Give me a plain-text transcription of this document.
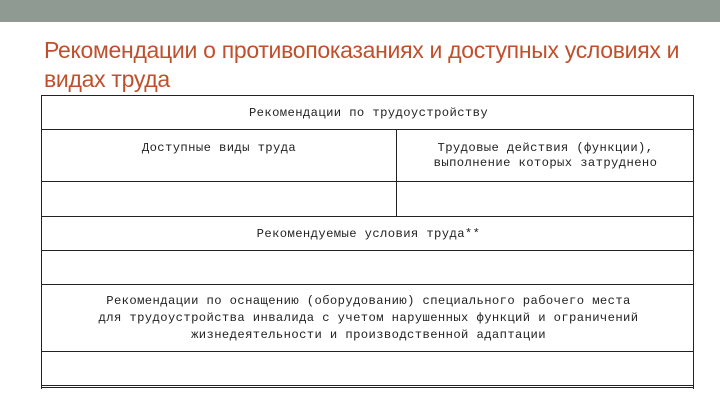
Рекомендации о противопоказаниях и доступных условиях и видах труда
Рекомендации по трудоустройству
Доступные виды труда	Трудовые действия (функции),
выполнение которых затруднено
Рекомендуемые условия труда**
Рекомендации по оснащению (оборудованию) специального рабочего места
для трудоустройства инвалида с учетом нарушенных функций и ограничений
жизнедеятельности и производственной адаптации
